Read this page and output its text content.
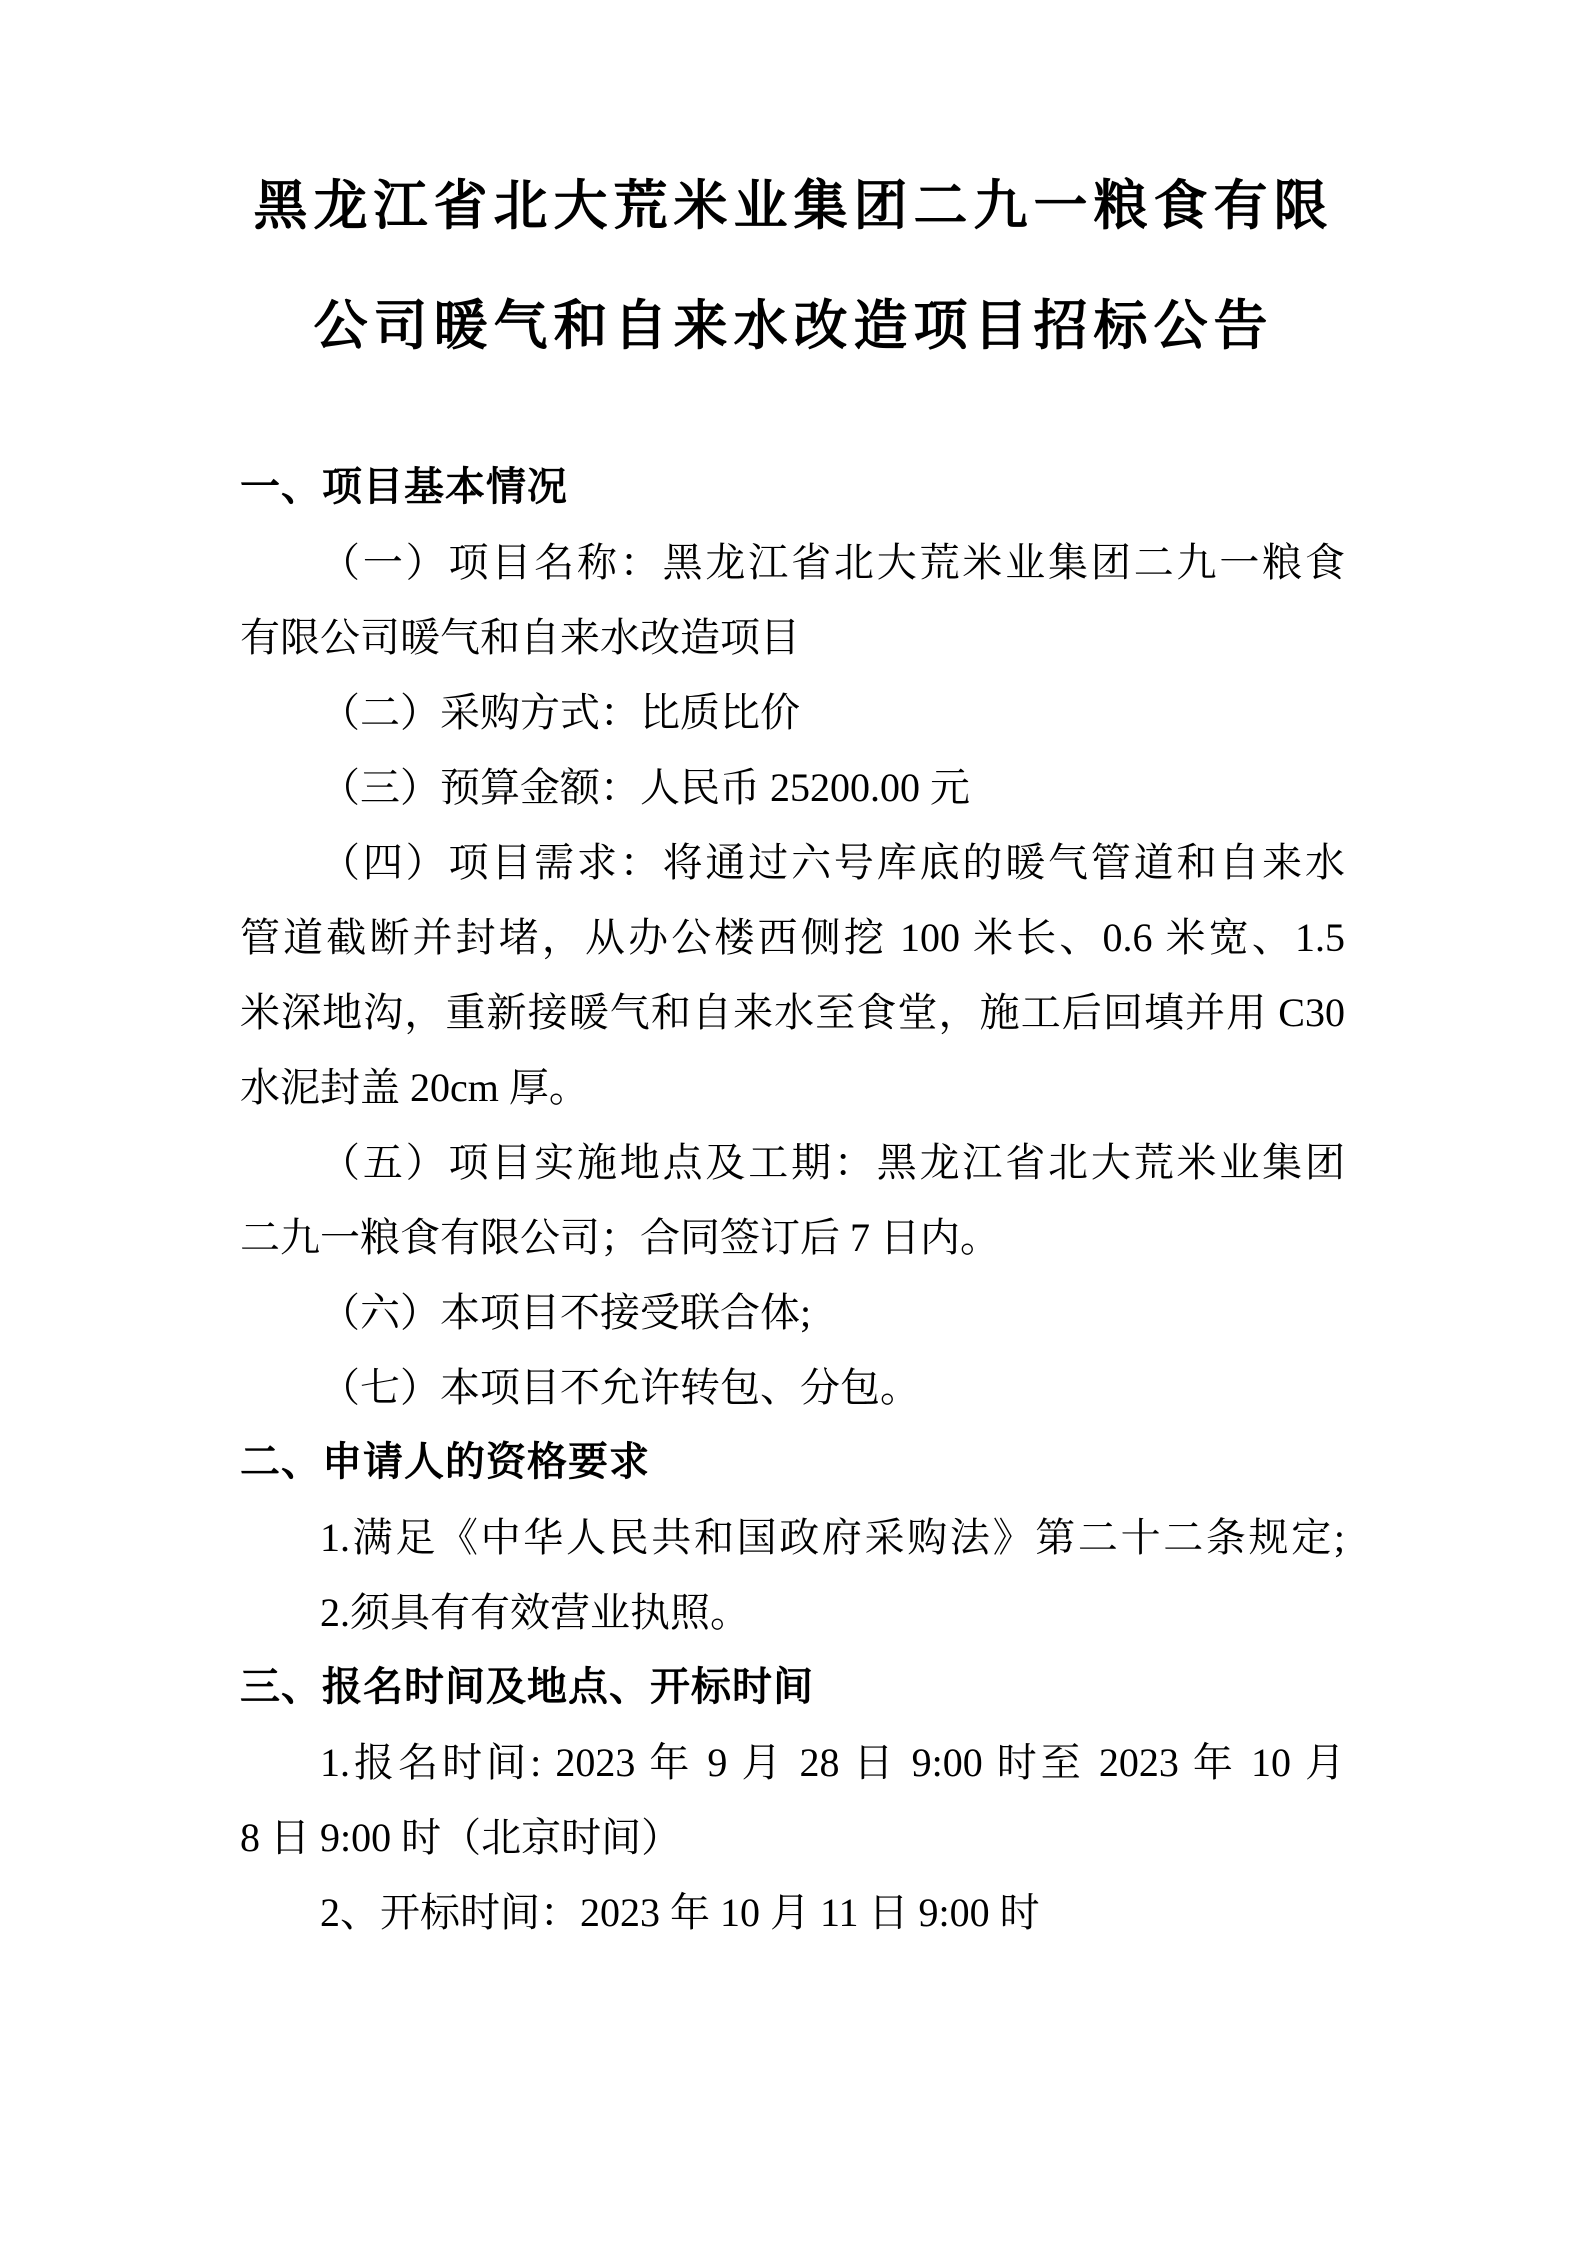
黑龙江省北大荒米业集团二九一粮食有限
公司暖气和自来水改造项目招标公告
一、项目基本情况
（一）项目名称：黑龙江省北大荒米业集团二九一粮食
有限公司暖气和自来水改造项目
（二）采购方式：比质比价
（三）预算金额：人民币 25200.00 元
（四）项目需求：将通过六号库底的暖气管道和自来水
管道截断并封堵，从办公楼西侧挖 100 米长、0.6 米宽、1.5
米深地沟，重新接暖气和自来水至食堂，施工后回填并用 C30
水泥封盖 20cm 厚。
（五）项目实施地点及工期：黑龙江省北大荒米业集团
二九一粮食有限公司；合同签订后 7 日内。
（六）本项目不接受联合体;
（七）本项目不允许转包、分包。
二、申请人的资格要求
1.满足《中华人民共和国政府采购法》第二十二条规定;
2.须具有有效营业执照。
三、报名时间及地点、开标时间
1.报名时间: 2023 年 9 月 28 日 9:00 时至 2023 年 10 月
8 日 9:00 时（北京时间）
2、开标时间：2023 年 10 月 11 日 9:00 时
